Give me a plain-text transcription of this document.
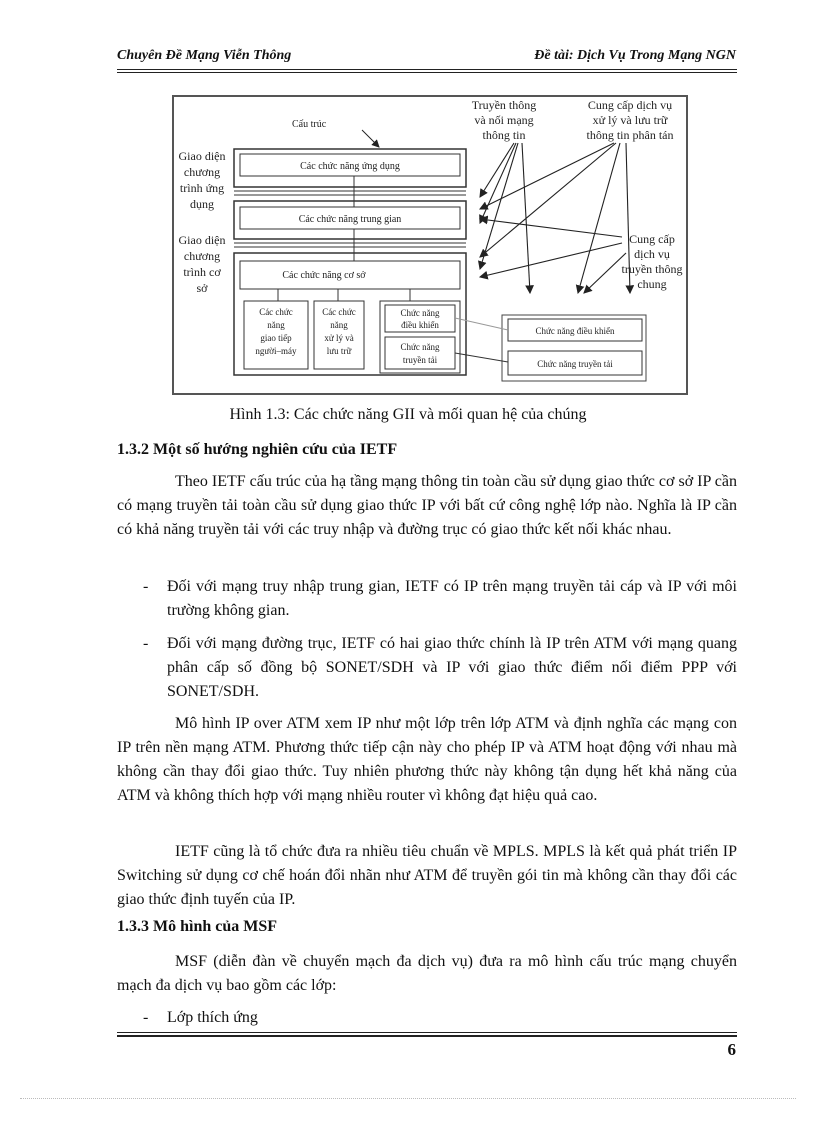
Chuyên Đề Mạng Viễn Thông	Đề tài: Dịch Vụ Trong Mạng NGN
Cấu trúc
Giao diện
chương
trình ứng
dụng
Giao diện
chương
trình cơ
sở
Các chức năng ứng dụng
Các chức năng trung gian
Các chức năng cơ sở
Các chức
năng
giao tiếp
người–máy
Các chức
năng
xử lý và
lưu trữ
Chức năng
điều khiển
Chức năng
truyền tải
Chức năng điều khiển
Chức năng truyền tải
Truyền thông
và nối mạng
thông tin
Cung cấp dịch vụ
xử lý và lưu trữ
thông tin phân tán
Cung cấp
dịch vụ
truyền thông
chung
Hình 1.3: Các chức năng GII và mối quan hệ của chúng
1.3.2 Một số hướng nghiên cứu của IETF

Theo IETF cấu trúc của hạ tầng mạng thông tin toàn cầu sử dụng giao thức cơ sở IP cần có mạng truyền tải toàn cầu sử dụng giao thức IP với bất cứ công nghệ lớp nào. Nghĩa là IP cần có khả năng truyền tải với các truy nhập và đường trục có giao thức kết nối khác nhau.

- Đối với mạng truy nhập trung gian, IETF có IP trên mạng truyền tải cáp và IP với môi trường không gian.
- Đối với mạng đường trục, IETF có hai giao thức chính là IP trên ATM với mạng quang phân cấp số đồng bộ SONET/SDH và IP với giao thức điểm nối điểm PPP với SONET/SDH.

Mô hình IP over ATM xem IP như một lớp trên lớp ATM và định nghĩa các mạng con IP trên nền mạng ATM. Phương thức tiếp cận này cho phép IP và ATM hoạt động với nhau mà không cần thay đổi giao thức. Tuy nhiên phương thức này không tận dụng hết khả năng của ATM và không thích hợp với mạng nhiều router vì không đạt hiệu quả cao.

IETF cũng là tổ chức đưa ra nhiều tiêu chuẩn về MPLS. MPLS là kết quả phát triển IP Switching sử dụng cơ chế hoán đổi nhãn như ATM để truyền gói tin mà không cần thay đổi các giao thức định tuyến của IP.

1.3.3 Mô hình của MSF

MSF (diễn đàn về chuyển mạch đa dịch vụ) đưa ra mô hình cấu trúc mạng chuyển mạch đa dịch vụ bao gồm các lớp:

- Lớp thích ứng
6
